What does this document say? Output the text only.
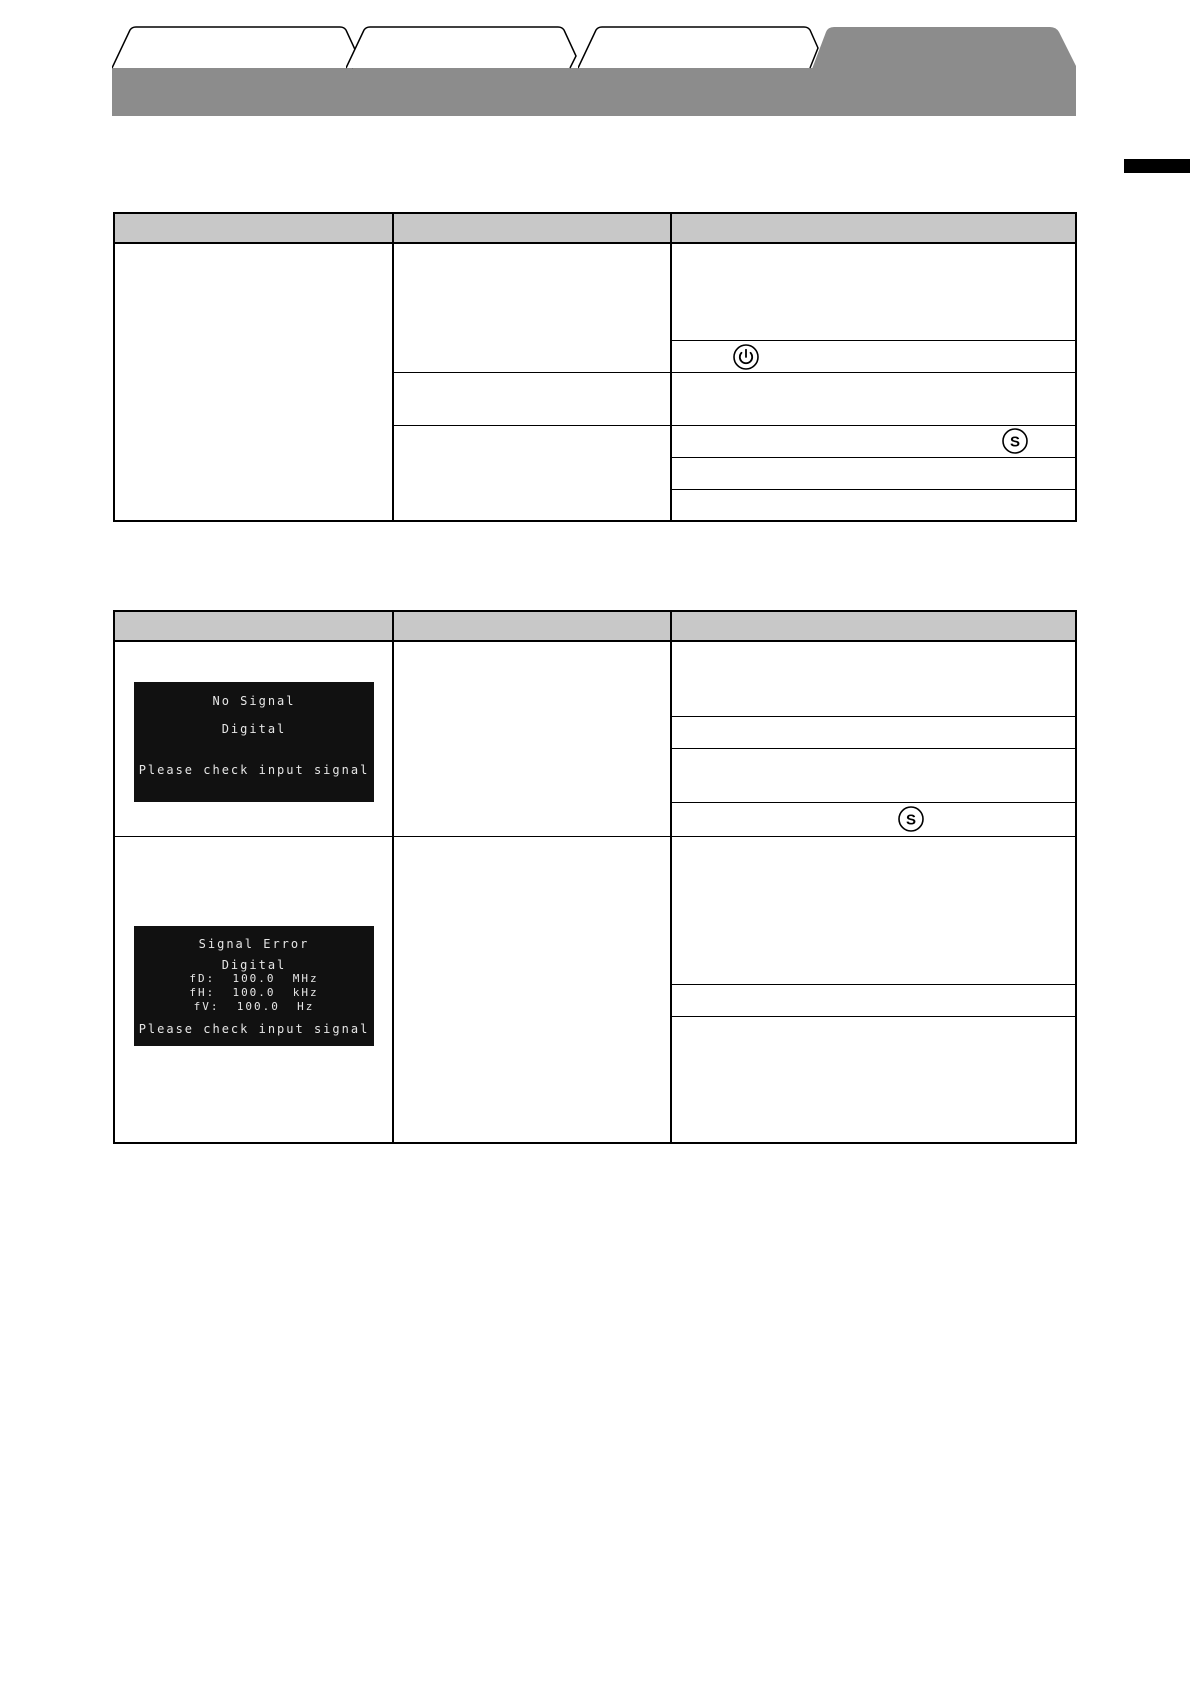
S
S
No Signal
Digital
Please check input signal
Signal Error
Digital
fD:  100.0  MHz
fH:  100.0  kHz
fV:  100.0  Hz
Please check input signal
